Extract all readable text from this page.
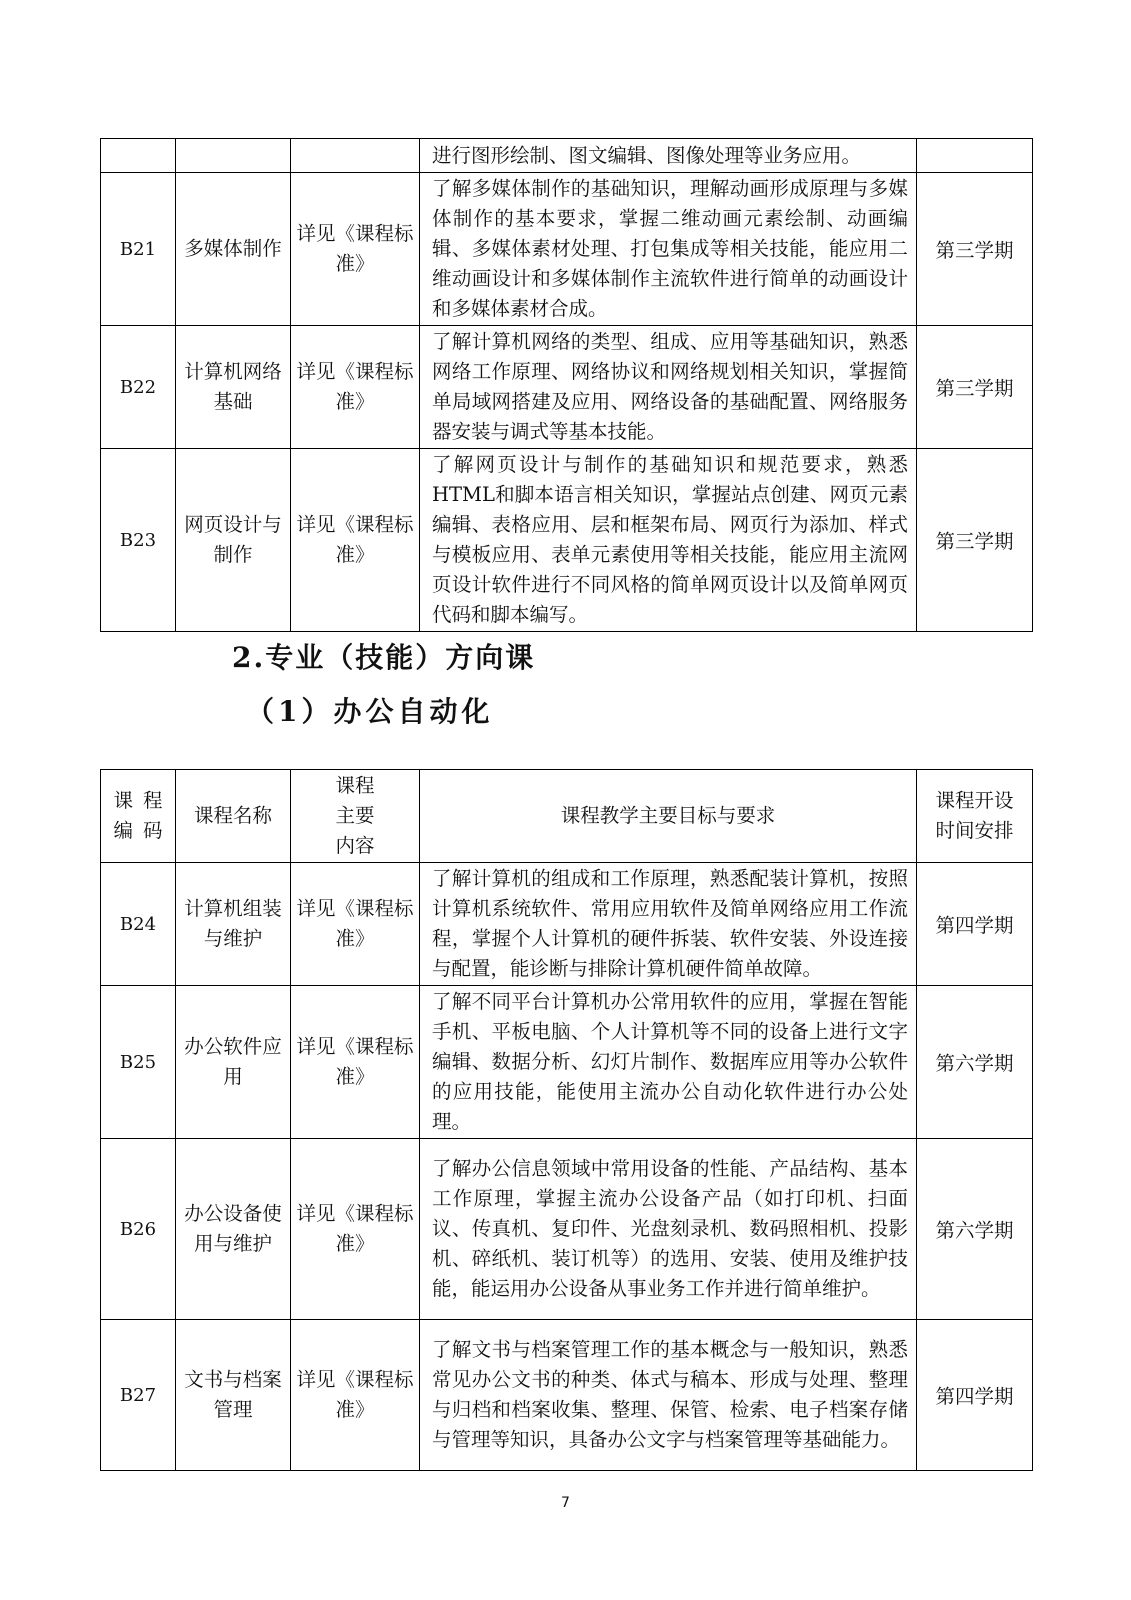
			进行图形绘制、图文编辑、图像处理等业务应用。	
B21	多媒体制作	详见《课程标准》	了解多媒体制作的基础知识，理解动画形成原理与多媒体制作的基本要求，掌握二维动画元素绘制、动画编辑、多媒体素材处理、打包集成等相关技能，能应用二维动画设计和多媒体制作主流软件进行简单的动画设计和多媒体素材合成。	第三学期
B22	计算机网络基础	详见《课程标准》	了解计算机网络的类型、组成、应用等基础知识，熟悉网络工作原理、网络协议和网络规划相关知识，掌握简单局域网搭建及应用、网络设备的基础配置、网络服务器安装与调式等基本技能。	第三学期
B23	网页设计与制作	详见《课程标准》	了解网页设计与制作的基础知识和规范要求，熟悉HTML和脚本语言相关知识，掌握站点创建、网页元素编辑、表格应用、层和框架布局、网页行为添加、样式与模板应用、表单元素使用等相关技能，能应用主流网页设计软件进行不同风格的简单网页设计以及简单网页代码和脚本编写。	第三学期
2.专业（技能）方向课
（1）办公自动化
课程编码	课程名称	课程主要内容	课程教学主要目标与要求	课程开设时间安排
B24	计算机组装与维护	详见《课程标准》	了解计算机的组成和工作原理，熟悉配装计算机，按照计算机系统软件、常用应用软件及简单网络应用工作流程，掌握个人计算机的硬件拆装、软件安装、外设连接与配置，能诊断与排除计算机硬件简单故障。	第四学期
B25	办公软件应用	详见《课程标准》	了解不同平台计算机办公常用软件的应用，掌握在智能手机、平板电脑、个人计算机等不同的设备上进行文字编辑、数据分析、幻灯片制作、数据库应用等办公软件的应用技能，能使用主流办公自动化软件进行办公处理。	第六学期
B26	办公设备使用与维护	详见《课程标准》	了解办公信息领域中常用设备的性能、产品结构、基本工作原理，掌握主流办公设备产品（如打印机、扫面议、传真机、复印件、光盘刻录机、数码照相机、投影机、碎纸机、装订机等）的选用、安装、使用及维护技能，能运用办公设备从事业务工作并进行简单维护。	第六学期
B27	文书与档案管理	详见《课程标准》	了解文书与档案管理工作的基本概念与一般知识，熟悉常见办公文书的种类、体式与稿本、形成与处理、整理与归档和档案收集、整理、保管、检索、电子档案存储与管理等知识，具备办公文字与档案管理等基础能力。	第四学期
7
